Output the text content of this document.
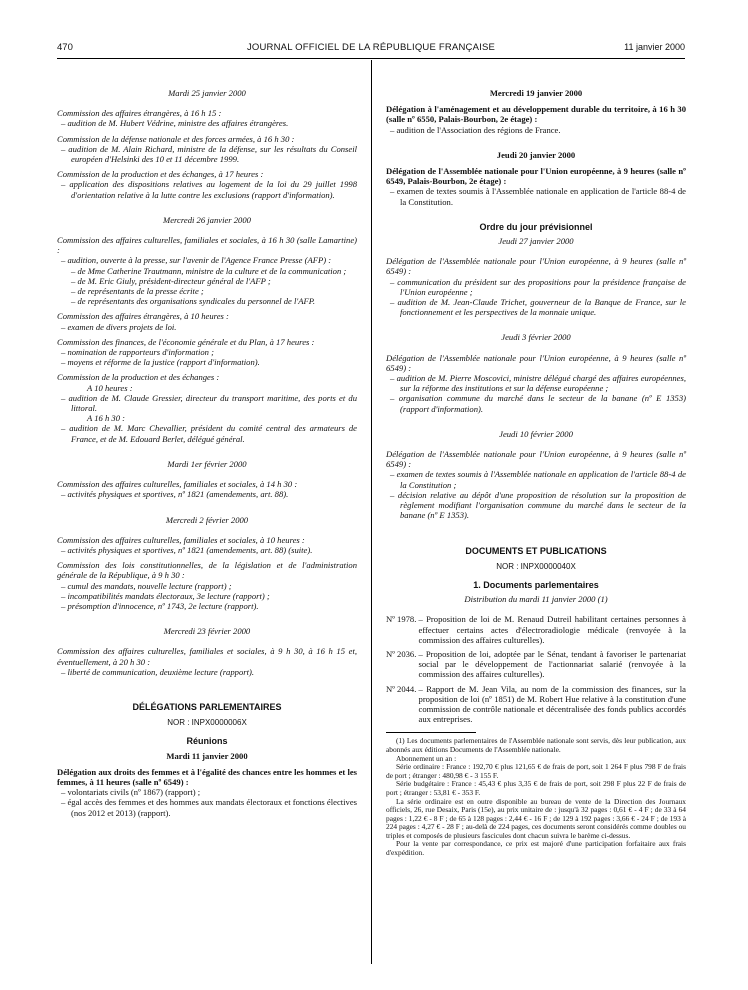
470	JOURNAL OFFICIEL DE LA RÉPUBLIQUE FRANÇAISE	11 janvier 2000

Mardi 25 janvier 2000

Commission des affaires étrangères, à 16 h 15 :

– audition de M. Hubert Védrine, ministre des affaires étrangères.

Commission de la défense nationale et des forces armées, à 16 h 30 :

– audition de M. Alain Richard, ministre de la défense, sur les résultats du Conseil européen d'Helsinki des 10 et 11 décembre 1999.

Commission de la production et des échanges, à 17 heures :

– application des dispositions relatives au logement de la loi du 29 juillet 1998 d'orientation relative à la lutte contre les exclusions (rapport d'information).

Mercredi 26 janvier 2000

Commission des affaires culturelles, familiales et sociales, à 16 h 30 (salle Lamartine) :

– audition, ouverte à la presse, sur l'avenir de l'Agence France Presse (AFP) :

– de Mme Catherine Trautmann, ministre de la culture et de la communication ;

– de M. Eric Giuly, président-directeur général de l'AFP ;

– de représentants de la presse écrite ;

– de représentants des organisations syndicales du personnel de l'AFP.

Commission des affaires étrangères, à 10 heures :

– examen de divers projets de loi.

Commission des finances, de l'économie générale et du Plan, à 17 heures :

– nomination de rapporteurs d'information ;

– moyens et réforme de la justice (rapport d'information).

Commission de la production et des échanges :

A 10 heures :

– audition de M. Claude Gressier, directeur du transport maritime, des ports et du littoral.

A 16 h 30 :

– audition de M. Marc Chevallier, président du comité central des armateurs de France, et de M. Edouard Berlet, délégué général.

Mardi 1er février 2000

Commission des affaires culturelles, familiales et sociales, à 14 h 30 :

– activités physiques et sportives, nº 1821 (amendements, art. 88).

Mercredi 2 février 2000

Commission des affaires culturelles, familiales et sociales, à 10 heures :

– activités physiques et sportives, nº 1821 (amendements, art. 88) (suite).

Commission des lois constitutionnelles, de la législation et de l'administration générale de la République, à 9 h 30 :

– cumul des mandats, nouvelle lecture (rapport) ;

– incompatibilités mandats électoraux, 3e lecture (rapport) ;

– présomption d'innocence, nº 1743, 2e lecture (rapport).

Mercredi 23 février 2000

Commission des affaires culturelles, familiales et sociales, à 9 h 30, à 16 h 15 et, éventuellement, à 20 h 30 :

– liberté de communication, deuxième lecture (rapport).

DÉLÉGATIONS PARLEMENTAIRES

NOR : INPX0000006X

Réunions

Mardi 11 janvier 2000

Délégation aux droits des femmes et à l'égalité des chances entre les hommes et les femmes, à 11 heures (salle nº 6549) :

– volontariats civils (nº 1867) (rapport) ;

– égal accès des femmes et des hommes aux mandats électoraux et fonctions électives (nos 2012 et 2013) (rapport).

Mercredi 19 janvier 2000

Délégation à l'aménagement et au développement durable du territoire, à 16 h 30 (salle nº 6550, Palais-Bourbon, 2e étage) :

– audition de l'Association des régions de France.

Jeudi 20 janvier 2000

Délégation de l'Assemblée nationale pour l'Union européenne, à 9 heures (salle nº 6549, Palais-Bourbon, 2e étage) :

– examen de textes soumis à l'Assemblée nationale en application de l'article 88-4 de la Constitution.

Ordre du jour prévisionnel

Jeudi 27 janvier 2000

Délégation de l'Assemblée nationale pour l'Union européenne, à 9 heures (salle nº 6549) :

– communication du président sur des propositions pour la présidence française de l'Union européenne ;

– audition de M. Jean-Claude Trichet, gouverneur de la Banque de France, sur le fonctionnement et les perspectives de la monnaie unique.

Jeudi 3 février 2000

Délégation de l'Assemblée nationale pour l'Union européenne, à 9 heures (salle nº 6549) :

– audition de M. Pierre Moscovici, ministre délégué chargé des affaires européennes, sur la réforme des institutions et sur la défense européenne ;

– organisation commune du marché dans le secteur de la banane (nº E 1353) (rapport d'information).

Jeudi 10 février 2000

Délégation de l'Assemblée nationale pour l'Union européenne, à 9 heures (salle nº 6549) :

– examen de textes soumis à l'Assemblée nationale en application de l'article 88-4 de la Constitution ;

– décision relative au dépôt d'une proposition de résolution sur la proposition de règlement modifiant l'organisation commune du marché dans le secteur de la banane (nº E 1353).

DOCUMENTS ET PUBLICATIONS

NOR : INPX0000040X

1. Documents parlementaires

Distribution du mardi 11 janvier 2000 (1)

Nº 1978.
– Proposition de loi de M. Renaud Dutreil habilitant certaines personnes à effectuer certains actes d'électroradiologie médicale (renvoyée à la commission des affaires culturelles).
Nº 2036.
– Proposition de loi, adoptée par le Sénat, tendant à favoriser le partenariat social par le développement de l'actionnariat salarié (renvoyée à la commission des affaires culturelles).
Nº 2044.
– Rapport de M. Jean Vila, au nom de la commission des finances, sur la proposition de loi (nº 1851) de M. Robert Hue relative à la constitution d'une commission de contrôle nationale et décentralisée des fonds publics accordés aux entreprises.

(1) Les documents parlementaires de l'Assemblée nationale sont servis, dès leur publication, aux abonnés aux éditions Documents de l'Assemblée nationale.

Abonnement un an :

Série ordinaire : France : 192,70 € plus 121,65 € de frais de port, soit 1 264 F plus 798 F de frais de port ; étranger : 480,98 € - 3 155 F.

Série budgétaire : France : 45,43 € plus 3,35 € de frais de port, soit 298 F plus 22 F de frais de port ; étranger : 53,81 € - 353 F.

La série ordinaire est en outre disponible au bureau de vente de la Direction des Journaux officiels, 26, rue Desaix, Paris (15e), au prix unitaire de : jusqu'à 32 pages : 0,61 € - 4 F ; de 33 à 64 pages : 1,22 € - 8 F ; de 65 à 128 pages : 2,44 € - 16 F ; de 129 à 192 pages : 3,66 € - 24 F ; de 193 à 224 pages : 4,27 € - 28 F ; au-delà de 224 pages, ces documents seront considérés comme doubles ou triples et composés de plusieurs fascicules dont chacun suivra le barème ci-dessus.

Pour la vente par correspondance, ce prix est majoré d'une participation forfaitaire aux frais d'expédition.
